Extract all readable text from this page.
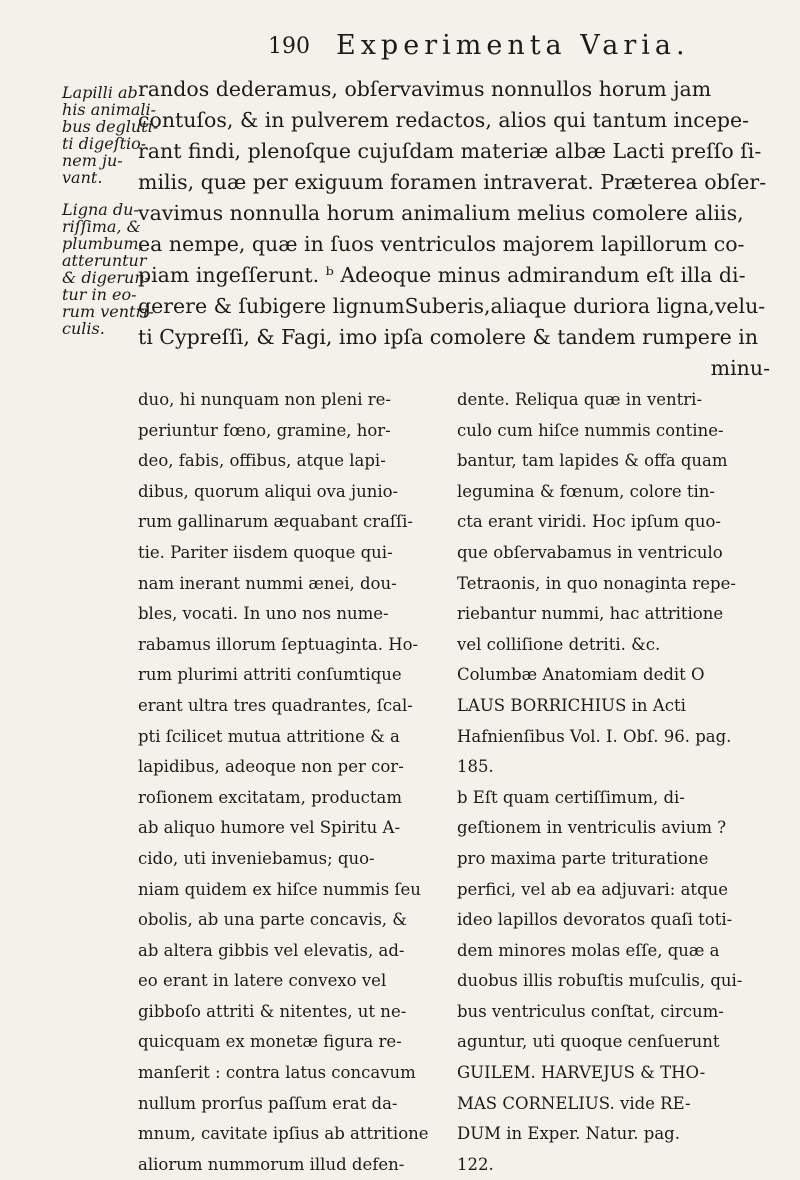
190 Experimenta Varia.
Lapilli ab
his animali-
bus degluti-
ti digeſtio-
nem ju-
vant.
Ligna du-
riſſima, &
plumbum,
atteruntur
& digerun-
tur in eo-
rum ventri-
culis.
randos dederamus, obſervavimus nonnullos horum jam
contuſos, & in pulverem redactos, alios qui tantum incepe-
rant findi, plenoſque cujuſdam materiæ albæ Lacti preſſo ſi-
milis, quæ per exiguum foramen intraverat. Præterea obſer-
vavimus nonnulla horum animalium melius comolere aliis,
ea nempe, quæ in ſuos ventriculos majorem lapillorum co-
piam ingeſſerunt. ᵇ Adeoque minus admirandum eſt illa di-
gerere & ſubigere lignumSuberis,aliaque duriora ligna,velu-
ti Cypreſſi, & Fagi, imo ipſa comolere & tandem rumpere in
minu-
duo, hi nunquam non pleni re-
periuntur fœno, gramine, hor-
deo, fabis, offibus, atque lapi-
dibus, quorum aliqui ova junio-
rum gallinarum æquabant craſſi-
tie. Pariter iisdem quoque qui-
nam inerant nummi ænei, dou-
bles, vocati. In uno nos nume-
rabamus illorum ſeptuaginta. Ho-
rum plurimi attriti conſumtique
erant ultra tres quadrantes, ſcal-
pti ſcilicet mutua attritione & a
lapidibus, adeoque non per cor-
roſionem excitatam, productam
ab aliquo humore vel Spiritu A-
cido, uti inveniebamus; quo-
niam quidem ex hiſce nummis ſeu
obolis, ab una parte concavis, &
ab altera gibbis vel elevatis, ad-
eo erant in latere convexo vel
gibboſo attriti & nitentes, ut ne-
quicquam ex monetæ figura re-
manſerit : contra latus concavum
nullum prorſus paſſum erat da-
mnum, cavitate ipſius ab attritione
aliorum nummorum illud defen-
dente. Reliqua quæ in ventri-
culo cum hiſce nummis contine-
bantur, tam lapides & offa quam
legumina & fœnum, colore tin-
cta erant viridi. Hoc ipſum quo-
que obſervabamus in ventriculo
Tetraonis, in quo nonaginta repe-
riebantur nummi, hac attritione
vel colliſione detriti. &c.
Columbæ Anatomiam dedit O
LAUS BORRICHIUS in Acti
Hafnienſibus Vol. I. Obſ. 96. pag.
185.
b Eſt quam certiſſimum, di-
geſtionem in ventriculis avium ?
pro maxima parte trituratione
perfici, vel ab ea adjuvari: atque
ideo lapillos devoratos quaſi toti-
dem minores molas eſſe, quæ a
duobus illis robuſtis muſculis, qui-
bus ventriculus conſtat, circum-
aguntur, uti quoque cenſuerunt
GUILEM. HARVEJUS & THO-
MAS CORNELIUS. vide RE-
DUM in Exper. Natur. pag.
122.
